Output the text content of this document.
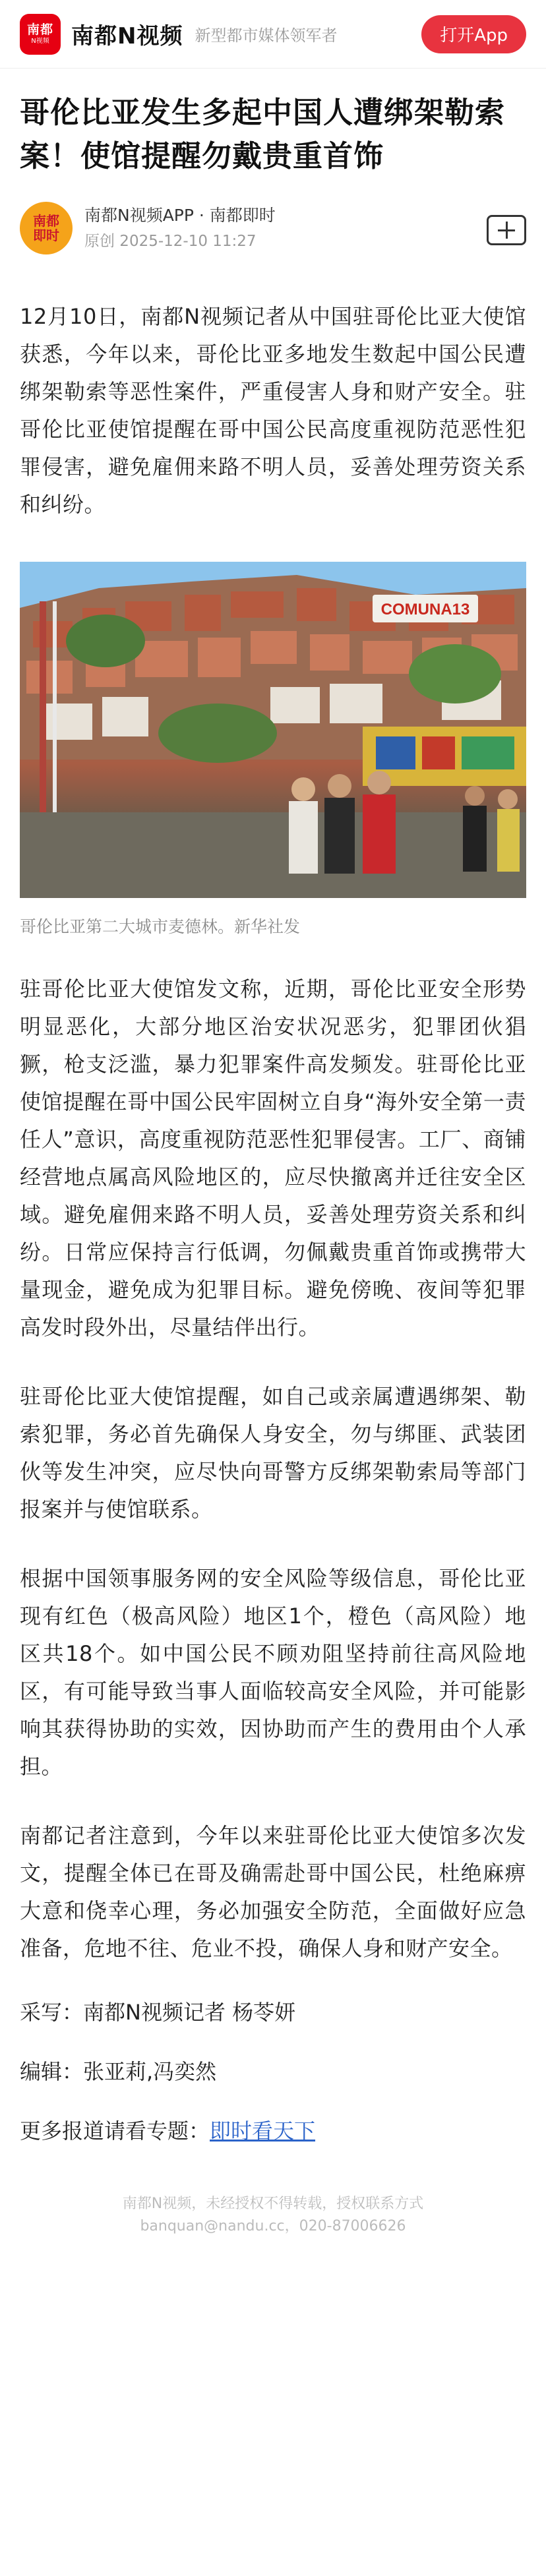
南都
N视频 南都N视频 新型都市媒体领军者	打开App
哥伦比亚发生多起中国人遭绑架勒索案！使馆提醒勿戴贵重首饰
南都
即时
南都N视频APP · 南都即时
原创 2025-12-10 11:27

12月10日，南都N视频记者从中国驻哥伦比亚大使馆获悉，今年以来，哥伦比亚多地发生数起中国公民遭绑架勒索等恶性案件，严重侵害人身和财产安全。驻哥伦比亚使馆提醒在哥中国公民高度重视防范恶性犯罪侵害，避免雇佣来路不明人员，妥善处理劳资关系和纠纷。

COMUNA13
哥伦比亚第二大城市麦德林。新华社发

驻哥伦比亚大使馆发文称，近期，哥伦比亚安全形势明显恶化，大部分地区治安状况恶劣，犯罪团伙猖獗，枪支泛滥，暴力犯罪案件高发频发。驻哥伦比亚使馆提醒在哥中国公民牢固树立自身“海外安全第一责任人”意识，高度重视防范恶性犯罪侵害。工厂、商铺经营地点属高风险地区的，应尽快撤离并迁往安全区域。避免雇佣来路不明人员，妥善处理劳资关系和纠纷。日常应保持言行低调，勿佩戴贵重首饰或携带大量现金，避免成为犯罪目标。避免傍晚、夜间等犯罪高发时段外出，尽量结伴出行。

驻哥伦比亚大使馆提醒，如自己或亲属遭遇绑架、勒索犯罪，务必首先确保人身安全，勿与绑匪、武装团伙等发生冲突，应尽快向哥警方反绑架勒索局等部门报案并与使馆联系。

根据中国领事服务网的安全风险等级信息，哥伦比亚现有红色（极高风险）地区1个，橙色（高风险）地区共18个。如中国公民不顾劝阻坚持前往高风险地区，有可能导致当事人面临较高安全风险，并可能影响其获得协助的实效，因协助而产生的费用由个人承担。

南都记者注意到，今年以来驻哥伦比亚大使馆多次发文，提醒全体已在哥及确需赴哥中国公民，杜绝麻痹大意和侥幸心理，务必加强安全防范，全面做好应急准备，危地不往、危业不投，确保人身和财产安全。

采写：南都N视频记者 杨苓妍
编辑：张亚莉,冯奕然
更多报道请看专题：即时看天下
南都N视频，未经授权不得转载，授权联系方式
banquan@nandu.cc，020-87006626
